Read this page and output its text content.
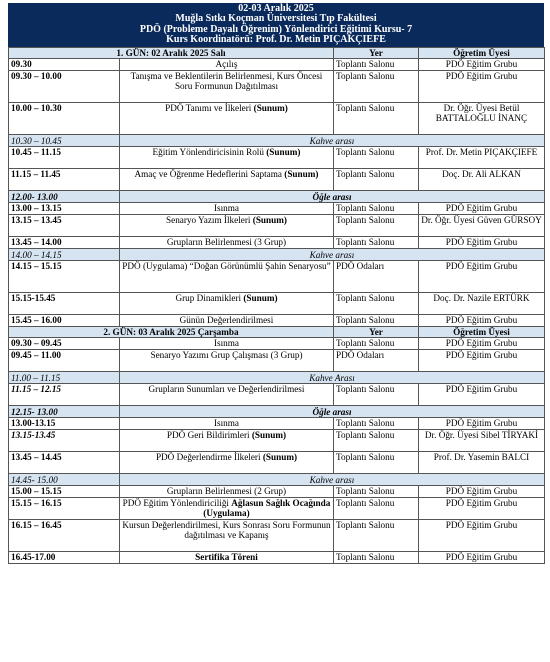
02-03 Aralık 2025
Muğla Sıtkı Koçman Üniversitesi Tıp Fakültesi
PDÖ (Probleme Dayalı Öğrenim) Yönlendirici Eğitimi Kursu- 7
Kurs Koordinatörü: Prof. Dr. Metin PIÇAKÇIEFE
1. GÜN: 02 Aralık 2025 Salı		Yer	Öğretim Üyesi
09.30	Açılış	Toplantı Salonu	PDÖ Eğitim Grubu
09.30 – 10.00	Tanışma ve Beklentilerin Belirlenmesi, Kurs Öncesi Soru Formunun Dağıtılması	Toplantı Salonu	PDÖ Eğitim Grubu
10.00 – 10.30	PDÖ Tanımı ve İlkeleri (Sunum)	Toplantı Salonu	Dr. Öğr. Üyesi Betül BATTALOĞLU İNANÇ
10.30 – 10.45	Kahve arası		
10.45 – 11.15	Eğitim Yönlendiricisinin Rolü (Sunum)	Toplantı Salonu	Prof. Dr. Metin PIÇAKÇIEFE
11.15 – 11.45	Amaç ve Öğrenme Hedeflerini Saptama (Sunum)	Toplantı Salonu	Doç. Dr. Ali ALKAN
12.00- 13.00	Öğle arası		
13.00 – 13.15	Isınma	Toplantı Salonu	PDÖ Eğitim Grubu
13.15 – 13.45	Senaryo Yazım İlkeleri (Sunum)	Toplantı Salonu	Dr. Öğr. Üyesi Güven GÜRSOY
13.45 – 14.00	Grupların Belirlenmesi (3 Grup)	Toplantı Salonu	PDÖ Eğitim Grubu
14.00 – 14.15	Kahve arası		
14.15 – 15.15	PDÖ (Uygulama) “Doğan Görünümlü Şahin Senaryosu”	PDÖ Odaları	PDÖ Eğitim Grubu
15.15-15.45	Grup Dinamikleri (Sunum)	Toplantı Salonu	Doç. Dr. Nazile ERTÜRK
15.45 – 16.00	Günün Değerlendirilmesi	Toplantı Salonu	PDÖ Eğitim Grubu
2. GÜN: 03 Aralık 2025 Çarşamba		Yer	Öğretim Üyesi
09.30 – 09.45	Isınma	Toplantı Salonu	PDÖ Eğitim Grubu
09.45 – 11.00	Senaryo Yazımı Grup Çalışması (3 Grup)	PDÖ Odaları	PDÖ Eğitim Grubu
11.00 – 11.15	Kahve Arası		
11.15 – 12.15	Grupların Sunumları ve Değerlendirilmesi	Toplantı Salonu	PDÖ Eğitim Grubu
12.15- 13.00	Öğle arası		
13.00-13.15	Isınma	Toplantı Salonu	PDÖ Eğitim Grubu
13.15-13.45	PDÖ Geri Bildirimleri (Sunum)	Toplantı Salonu	Dr. Öğr. Üyesi Sibel TİRYAKİ
13.45 – 14.45	PDÖ Değerlendirme İlkeleri (Sunum)	Toplantı Salonu	Prof. Dr. Yasemin BALCI
14.45- 15.00	Kahve arası		
15.00 – 15.15	Grupların Belirlenmesi (2 Grup)	Toplantı Salonu	PDÖ Eğitim Grubu
15.15 – 16.15	PDÖ Eğitim Yönlendiriciliği Ağlasun Sağlık Ocağında (Uygulama)	Toplantı Salonu	PDÖ Eğitim Grubu
16.15 – 16.45	Kursun Değerlendirilmesi, Kurs Sonrası Soru Formunun dağıtılması ve Kapanış	Toplantı Salonu	PDÖ Eğitim Grubu
16.45-17.00	Sertifika Töreni	Toplantı Salonu	PDÖ Eğitim Grubu
